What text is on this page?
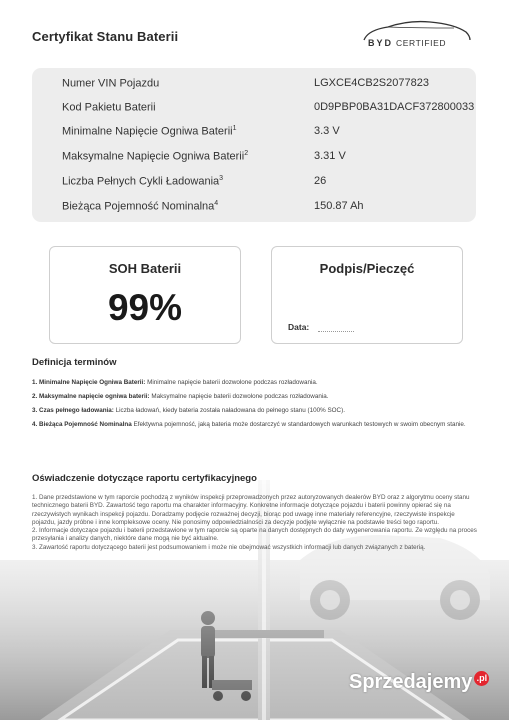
Certyfikat Stanu Baterii	BYD CERTIFIED
Numer VIN Pojazdu	LGXCE4CB2S2077823
Kod Pakietu Baterii	0D9PBP0BA31DACF372800033
Minimalne Napięcie Ogniwa Baterii$^1$	3.3 V
Maksymalne Napięcie Ogniwa Baterii$^2$	3.31 V
Liczba Pełnych Cykli Ładowania$^3$	26
Bieżąca Pojemność Nominalna$^4$	150.87 Ah
SOH Baterii
99%
Podpis/Pieczęć
Data:
Definicja terminów
1. Minimalne Napięcie Ogniwa Baterii: Minimalne napięcie baterii dozwolone podczas rozładowania.
2. Maksymalne napięcie ogniwa baterii: Maksymalne napięcie baterii dozwolone podczas rozładowania.
3. Czas pełnego ładowania: Liczba ładowań, kiedy bateria została naładowana do pełnego stanu (100% SOC).
4. Bieżąca Pojemność Nominalna Efektywna pojemność, jaką bateria może dostarczyć w standardowych warunkach testowych w swoim obecnym stanie.
Oświadczenie dotyczące raportu certyfikacyjnego

1. Dane przedstawione w tym raporcie pochodzą z wyników inspekcji przeprowadzonych przez autoryzowanych dealerów BYD oraz z algorytmu oceny stanu technicznego baterii BYD. Zawartość tego raportu ma charakter informacyjny. Konkretne informacje dotyczące pojazdu i baterii powinny opierać się na rzeczywistych wynikach inspekcji pojazdu. Doradzamy podjęcie rozważnej decyzji, biorąc pod uwagę inne materiały referencyjne, rzeczywiste inspekcje pojazdu, jazdy próbne i inne kompleksowe oceny. Nie ponosimy odpowiedzialności za decyzje podjęte wyłącznie na podstawie treści tego raportu.

2. Informacje dotyczące pojazdu i baterii przedstawione w tym raporcie są oparte na danych dostępnych do daty wygenerowania raportu. Ze względu na proces przesyłania i analizy danych, niektóre dane mogą nie być aktualne.

3. Zawartość raportu dotyczącego baterii jest podsumowaniem i może nie obejmować wszystkich informacji lub danych związanych z baterią.

Sprzedajemy .pl
